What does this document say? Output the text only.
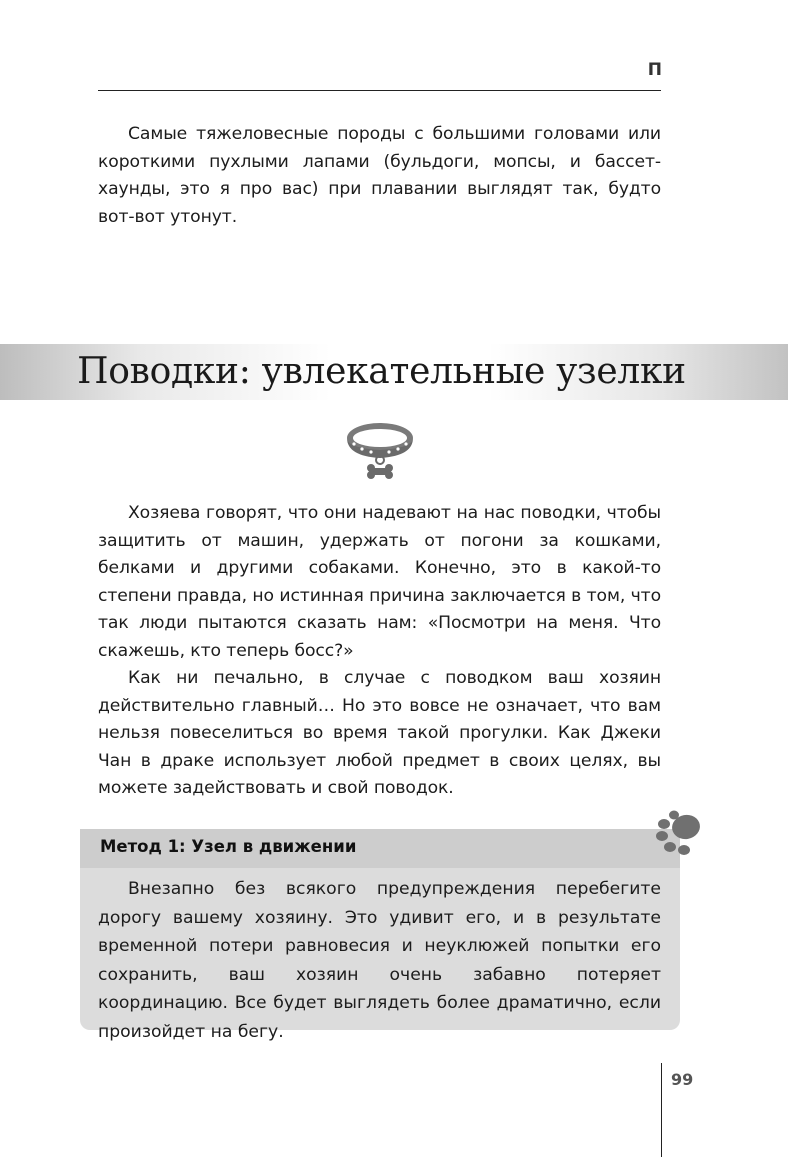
П

Самые тяжеловесные породы с большими головами или короткими пухлыми лапами (бульдоги, мопсы, и бассет-хаунды, это я про вас) при плавании выглядят так, будто вот-вот утонут.

Поводки: увлекательные узелки

Хозяева говорят, что они надевают на нас поводки, чтобы защитить от машин, удержать от погони за кошками, белками и другими собаками. Конечно, это в какой-то степени правда, но истинная причина заключается в том, что так люди пытаются сказать нам: «Посмотри на меня. Что скажешь, кто теперь босс?»

Как ни печально, в случае с поводком ваш хозяин действительно главный… Но это вовсе не означает, что вам нельзя повеселиться во время такой прогулки. Как Джеки Чан в драке использует любой предмет в своих целях, вы можете задействовать и свой поводок.

Метод 1: Узел в движении

Внезапно без всякого предупреждения перебегите дорогу вашему хозяину. Это удивит его, и в результате временной потери равновесия и неуклюжей попытки его сохранить, ваш хозяин очень забавно потеряет координацию. Все будет выглядеть более драматично, если произойдет на бегу.

99
